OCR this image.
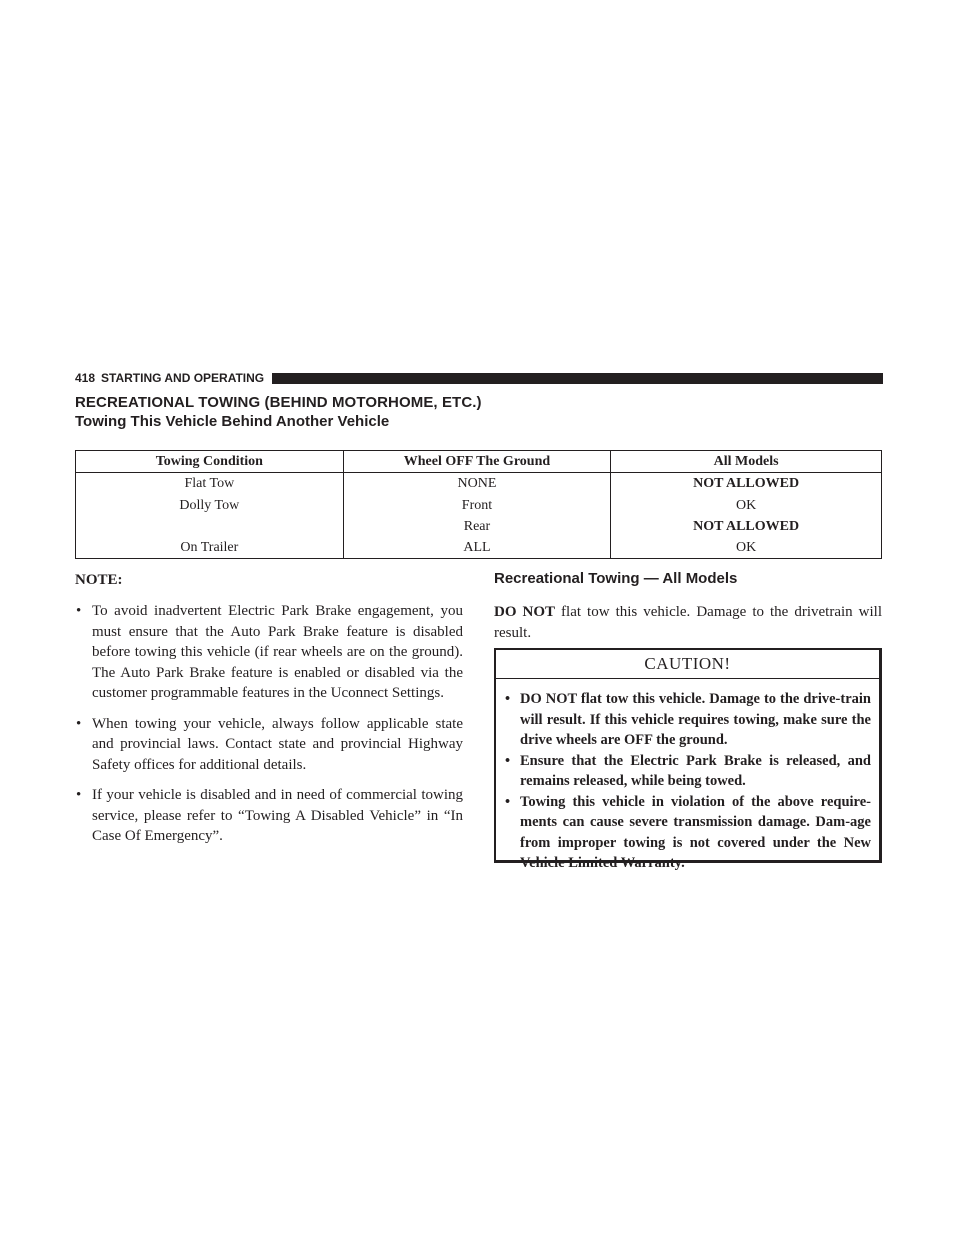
418 STARTING AND OPERATING
RECREATIONAL TOWING (BEHIND MOTORHOME, ETC.)
Towing This Vehicle Behind Another Vehicle
Towing Condition	Wheel OFF The Ground	All Models
Flat Tow	NONE	NOT ALLOWED
Dolly Tow	Front	OK
	Rear	NOT ALLOWED
On Trailer	ALL	OK
NOTE:
• To avoid inadvertent Electric Park Brake engagement, you must ensure that the Auto Park Brake feature is disabled before towing this vehicle (if rear wheels are on the ground). The Auto Park Brake feature is enabled or disabled via the customer programmable features in the Uconnect Settings.
• When towing your vehicle, always follow applicable state and provincial laws. Contact state and provincial Highway Safety offices for additional details.
• If your vehicle is disabled and in need of commercial towing service, please refer to “Towing A Disabled Vehicle” in “In Case Of Emergency”.
Recreational Towing — All Models

DO NOT flat tow this vehicle. Damage to the drivetrain will result.

CAUTION!
• DO NOT flat tow this vehicle. Damage to the drive-train will result. If this vehicle requires towing, make sure the drive wheels are OFF the ground.
• Ensure that the Electric Park Brake is released, and remains released, while being towed.
• Towing this vehicle in violation of the above require-ments can cause severe transmission damage. Dam-age from improper towing is not covered under the New Vehicle Limited Warranty.
